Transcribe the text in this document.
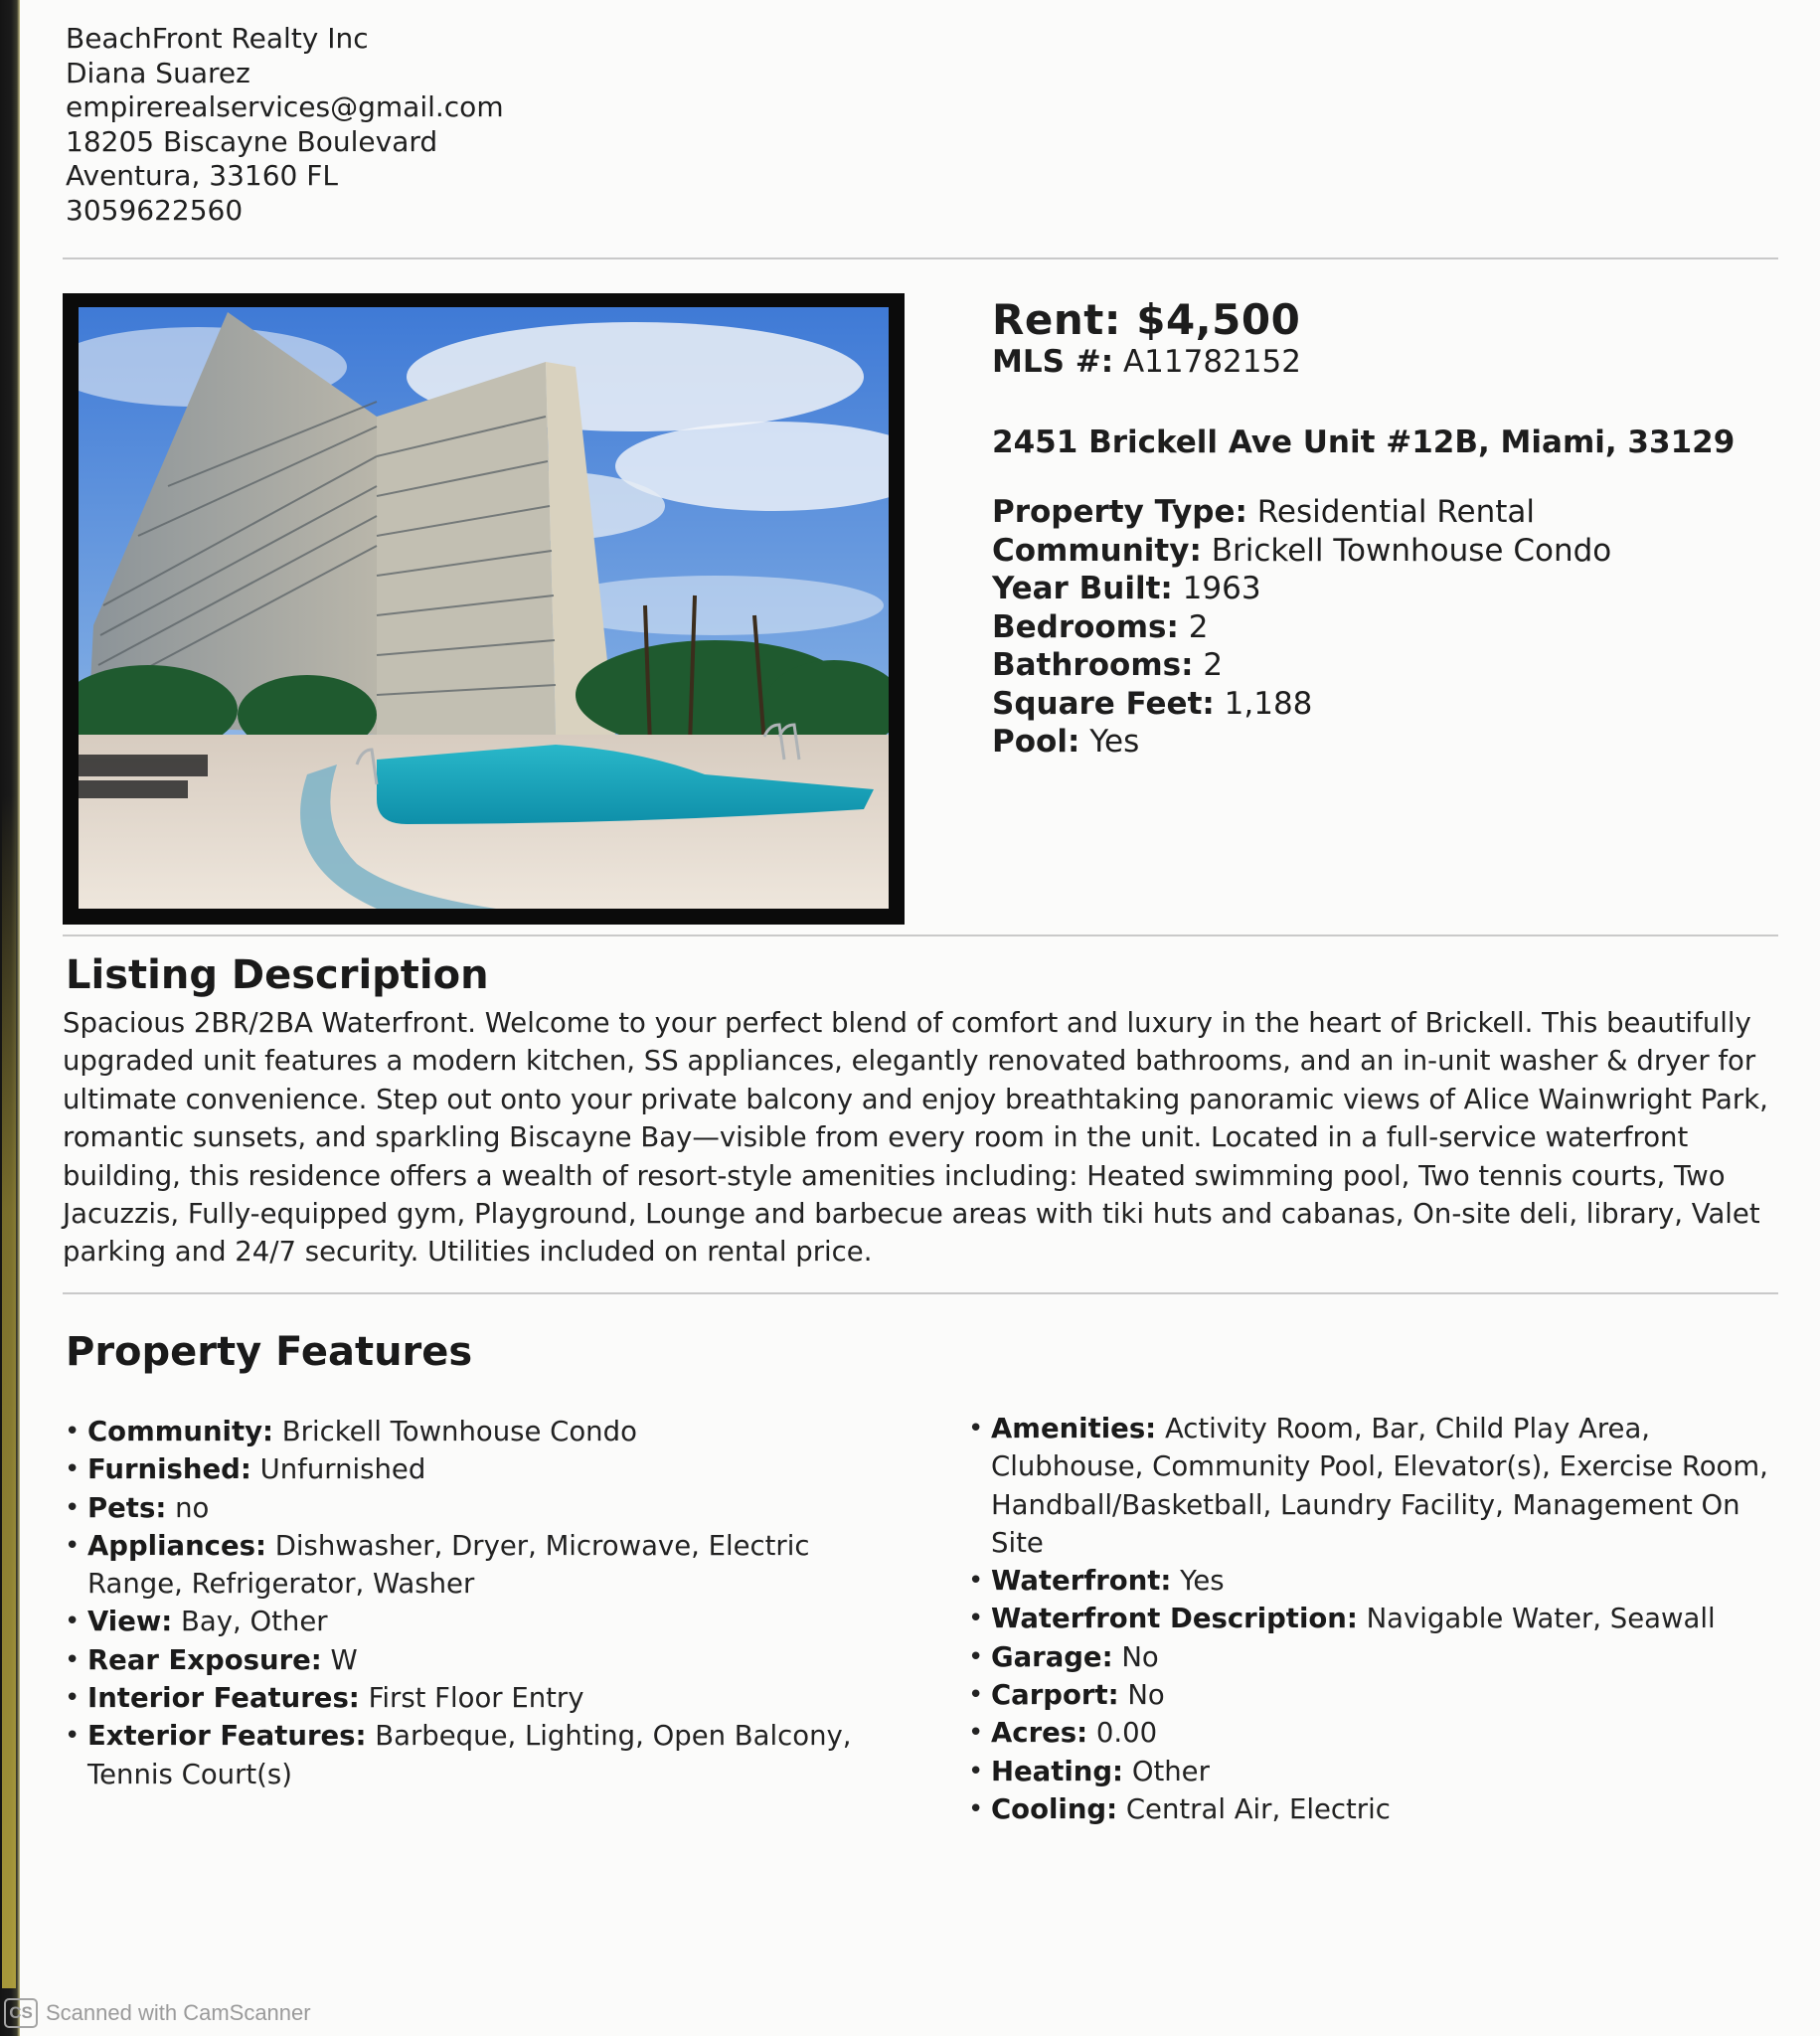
BeachFront Realty Inc
Diana Suarez
empirerealservices@gmail.com
18205 Biscayne Boulevard
Aventura, 33160 FL
3059622560
Rent: $4,500
MLS #: A11782152
2451 Brickell Ave Unit #12B, Miami, 33129
Property Type: Residential Rental
Community: Brickell Townhouse Condo
Year Built: 1963
Bedrooms: 2
Bathrooms: 2
Square Feet: 1,188
Pool: Yes
Listing Description
Spacious 2BR/2BA Waterfront. Welcome to your perfect blend of comfort and luxury in the heart of Brickell. This beautifully upgraded unit features a modern kitchen, SS appliances, elegantly renovated bathrooms, and an in-unit washer & dryer for ultimate convenience. Step out onto your private balcony and enjoy breathtaking panoramic views of Alice Wainwright Park, romantic sunsets, and sparkling Biscayne Bay—visible from every room in the unit. Located in a full-service waterfront building, this residence offers a wealth of resort-style amenities including: Heated swimming pool, Two tennis courts, Two Jacuzzis, Fully-equipped gym, Playground, Lounge and barbecue areas with tiki huts and cabanas, On-site deli, library, Valet parking and 24/7 security. Utilities included on rental price.
Property Features
• Community: Brickell Townhouse Condo
• Furnished: Unfurnished
• Pets: no
• Appliances: Dishwasher, Dryer, Microwave, Electric Range, Refrigerator, Washer
• View: Bay, Other
• Rear Exposure: W
• Interior Features: First Floor Entry
• Exterior Features: Barbeque, Lighting, Open Balcony, Tennis Court(s)
• Amenities: Activity Room, Bar, Child Play Area, Clubhouse, Community Pool, Elevator(s), Exercise Room, Handball/Basketball, Laundry Facility, Management On Site
• Waterfront: Yes
• Waterfront Description: Navigable Water, Seawall
• Garage: No
• Carport: No
• Acres: 0.00
• Heating: Other
• Cooling: Central Air, Electric
CS Scanned with CamScanner
